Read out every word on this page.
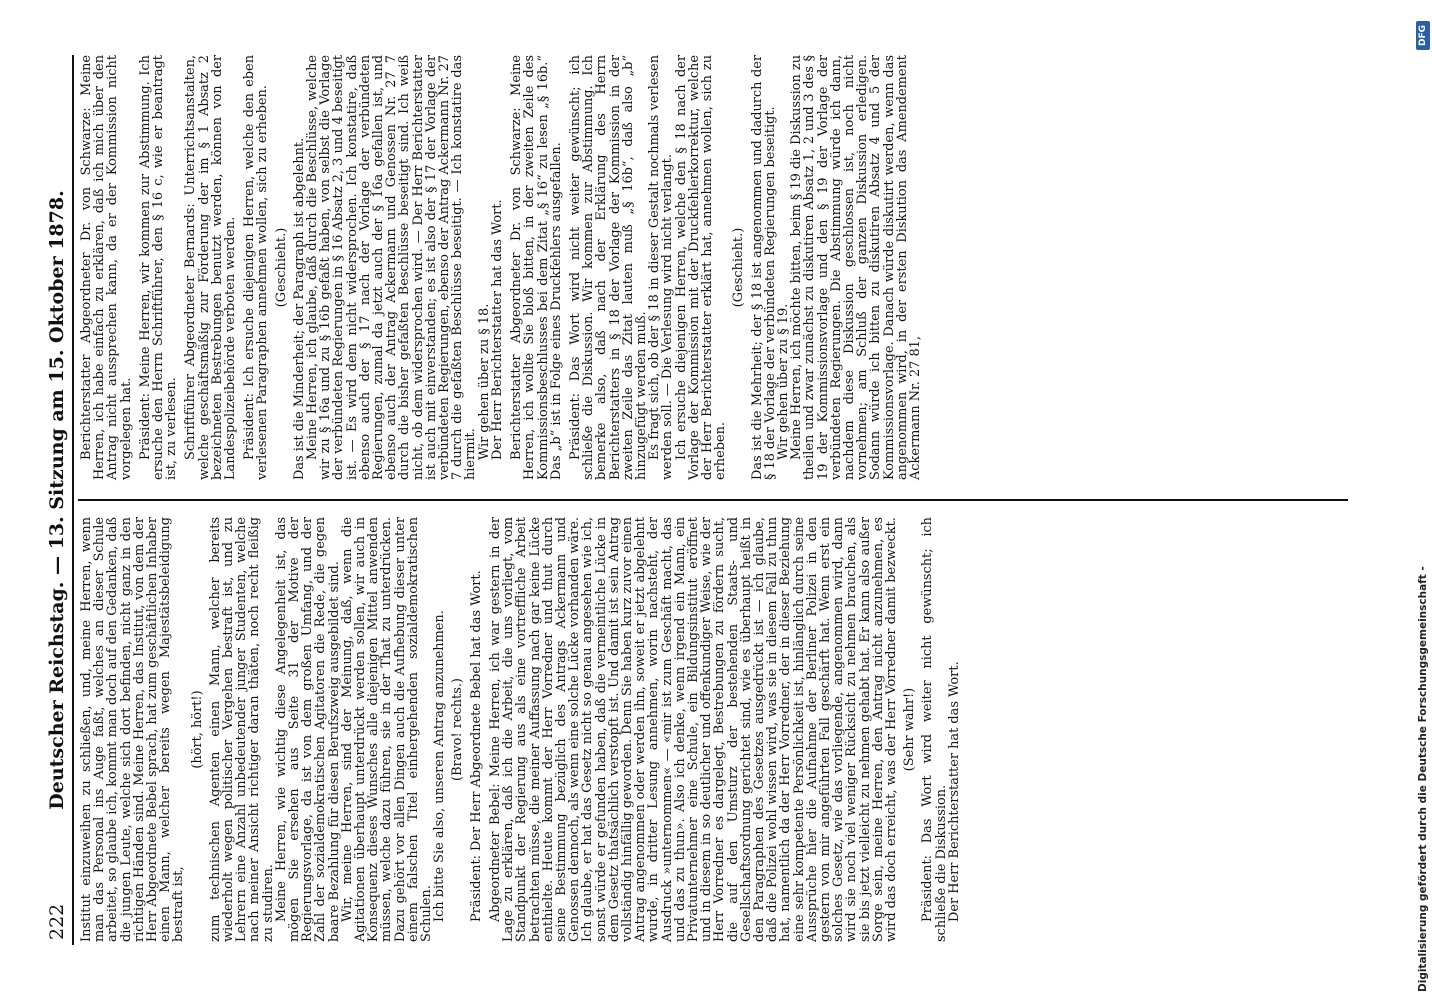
222
Deutscher Reichstag. — 13. Sitzung am 15. Oktober 1878.

Institut einzuweihen zu schließen, und, meine Herren, wenn man das Personal ins Auge faßt, welches an dieser Schule arbeitet, so glaube ich, kommt man doch auf den Gedanken, daß die jungen Leute, welche sich dort befinden, nicht ganz in den richtigen Händen sind. Meine Herren, das Institut, von dem der Herr Abgeordnete Bebel sprach, hat zum geschäftlichen Inhaber einen Mann, welcher bereits wegen Majestätsbeleidigung bestraft ist,

(hört, hört!) zum technischen Agenten einen Mann, welcher bereits wiederholt wegen politischer Vergehen bestraft ist, und zu Lehrern eine Anzahl unbedeutender junger Studenten, welche nach meiner Ansicht richtiger daran thäten, noch recht fleißig zu studiren.

Meine Herren, wie wichtig diese Angelegenheit ist, das mögen Sie ersehen aus Seite 31 der Motive der Regierungsvorlage, da ist von dem großen Umfang, und der Zahl der sozialdemokratischen Agitatoren die Rede, die gegen baare Bezahlung für diesen Berufszweig ausgebildet sind.

Wir, meine Herren, sind der Meinung, daß, wenn die Agitationen überhaupt unterdrückt werden sollen, wir auch in Konsequenz dieses Wunsches alle diejenigen Mittel anwenden müssen, welche dazu führen, sie in der That zu unterdrücken. Dazu gehört vor allen Dingen auch die Aufhebung dieser unter einem falschen Titel einhergehenden sozialdemokratischen Schulen.

Ich bitte Sie also, unseren Antrag anzunehmen. (Bravo! rechts.) Präsident: Der Herr Abgeordnete Bebel hat das Wort. Abgeordneter Bebel: Meine Herren, ich war gestern in der Lage zu erklären, daß ich die Arbeit, die uns vorliegt, vom Standpunkt der Regierung aus als eine vortreffliche Arbeit betrachten müsse, die meiner Auffassung nach gar keine Lücke enthielte. Heute kommt der Herr Vorredner und thut durch seine Bestimmung bezüglich des Antrags Ackermann und Genossen dennoch, als wenn eine solche Lücke vorhanden wäre. Ich glaube, er hat das Gesetz nicht so genau angesehen wie ich, sonst würde er gefunden haben, daß die vermeintliche Lücke in dem Gesetz thatsächlich verstopft ist. Und damit ist sein Antrag vollständig hinfällig geworden. Denn Sie haben kurz zuvor einen Antrag angenommen oder werden ihn, soweit er jetzt abgelehnt wurde, in dritter Lesung annehmen, worin nachsteht, der Ausdruck »unternommen« — «mir ist zum Geschäft macht, das und das zu thun». Also ich denke, wenn irgend ein Mann, ein Privatunternehmer eine Schule, ein Bildungsinstitut eröffnet und in diesem in so deutlicher und offenkundiger Weise, wie der Herr Vorredner es dargelegt, Bestrebungen zu fördern sucht, die auf den Umsturz der bestehenden Staats- und Gesellschaftsordnung gerichtet sind, wie es überhaupt heißt in den Paragraphen des Gesetzes ausgedrückt ist — ich glaube, daß die Polizei wohl wissen wird, was sie in diesem Fall zu thun hat, namentlich da der Herr Vorredner, der in dieser Beziehung eine sehr kompetente Persönlichkeit ist, hinlänglich durch seine Aussprüche hier die Aufnahme der Berliner Polizei in den gestern von mir angeführten Fall geschärft hat. Wenn erst ein solches Gesetz, wie das vorliegende, angenommen wird, dann wird sie noch viel weniger Rücksicht zu nehmen brauchen, als sie bis jetzt vielleicht zu nehmen gehabt hat. Er kann also außer Sorge sein, meine Herren, den Antrag nicht anzunehmen, es wird das doch erreicht, was der Herr Vorredner damit bezweckt. (Sehr wahr!) Präsident: Das Wort wird weiter nicht gewünscht; ich schließe die Diskussion.

Der Herr Berichterstatter hat das Wort.

Berichterstatter Abgeordneter Dr. von Schwarze: Meine Herren, ich habe einfach zu erklären, daß ich mich über den Antrag nicht aussprechen kann, da er der Kommission nicht vorgelegen hat. Präsident: Meine Herren, wir kommen zur Abstimmung. Ich ersuche den Herrn Schriftführer, den § 16 c, wie er beantragt ist, zu verlesen. Schriftführer Abgeordneter Bernards: Unterrichtsanstalten, welche geschäftsmäßig zur Förderung der im § 1 Absatz 2 bezeichneten Bestrebungen benutzt werden, können von der Landespolizeibehörde verboten werden. Präsident: Ich ersuche diejenigen Herren, welche den eben verlesenen Paragraphen annehmen wollen, sich zu erheben. (Geschieht.) Das ist die Minderheit; der Paragraph ist abgelehnt.

Meine Herren, ich glaube, daß durch die Beschlüsse, welche wir zu § 16a und zu § 16b gefaßt haben, von selbst die Vorlage der verbündeten Regierungen in § 16 Absatz 2, 3 und 4 beseitigt ist. — Es wird dem nicht widersprochen. Ich konstatire, daß ebenso auch der § 17 nach der Vorlage der verbündeten Regierungen, zumal da jetzt auch der § 16a gefallen ist, und ebenso auch der Antrag Ackermann und Genossen Nr. 27 7 durch die bisher gefaßten Beschlüsse beseitigt sind. Ich weiß nicht, ob dem widersprochen wird. — Der Herr Berichterstatter ist auch mit einverstanden; es ist also der § 17 der Vorlage der verbündeten Regierungen, ebenso der Antrag Ackermann Nr. 27 7 durch die gefaßten Beschlüsse beseitigt. — Ich konstatire das hiermit.

Wir gehen über zu § 18.

Der Herr Berichterstatter hat das Wort. Berichterstatter Abgeordneter Dr. von Schwarze: Meine Herren, ich wollte Sie bloß bitten, in der zweiten Zeile des Kommissionsbeschlusses bei dem Zitat „§ 16“ zu lesen „§ 16b.“ Das „b“ ist in Folge eines Druckfehlers ausgefallen. Präsident: Das Wort wird nicht weiter gewünscht; ich schließe die Diskussion. Wir kommen zur Abstimmung. Ich bemerke also, daß nach der Erklärung des Herrn Berichterstatters in § 18 der Vorlage der Kommission in der zweiten Zeile das Zitat lauten muß „§ 16b“, daß also „b“ hinzugefügt werden muß.

Es fragt sich, ob der § 18 in dieser Gestalt nochmals verlesen werden soll. — Die Verlesung wird nicht verlangt.

Ich ersuche diejenigen Herren, welche den § 18 nach der Vorlage der Kommission mit der Druckfehlerkorrektur, welche der Herr Berichterstatter erklärt hat, annehmen wollen, sich zu erheben.

(Geschieht.) Das ist die Mehrheit; der § 18 ist angenommen und dadurch der § 18 der Vorlage der verbündeten Regierungen beseitigt.

Wir gehen über zu § 19.

Meine Herren, ich möchte bitten, beim § 19 die Diskussion zu theilen und zwar zunächst zu diskutiren Absatz 1, 2 und 3 des § 19 der Kommissionsvorlage und den § 19 der Vorlage der verbündeten Regierungen. Die Abstimmung würde ich dann, nachdem diese Diskussion geschlossen ist, noch nicht vornehmen; am Schluß der ganzen Diskussion erledigen. Sodann würde ich bitten zu diskutiren Absatz 4 und 5 der Kommissionsvorlage. Danach würde diskutirt werden, wenn das angenommen wird, in der ersten Diskution das Amendement Ackermann Nr. 27 81,

Digitalisierung gefördert durch die Deutsche Forschungsgemeinschaft -
DFG
